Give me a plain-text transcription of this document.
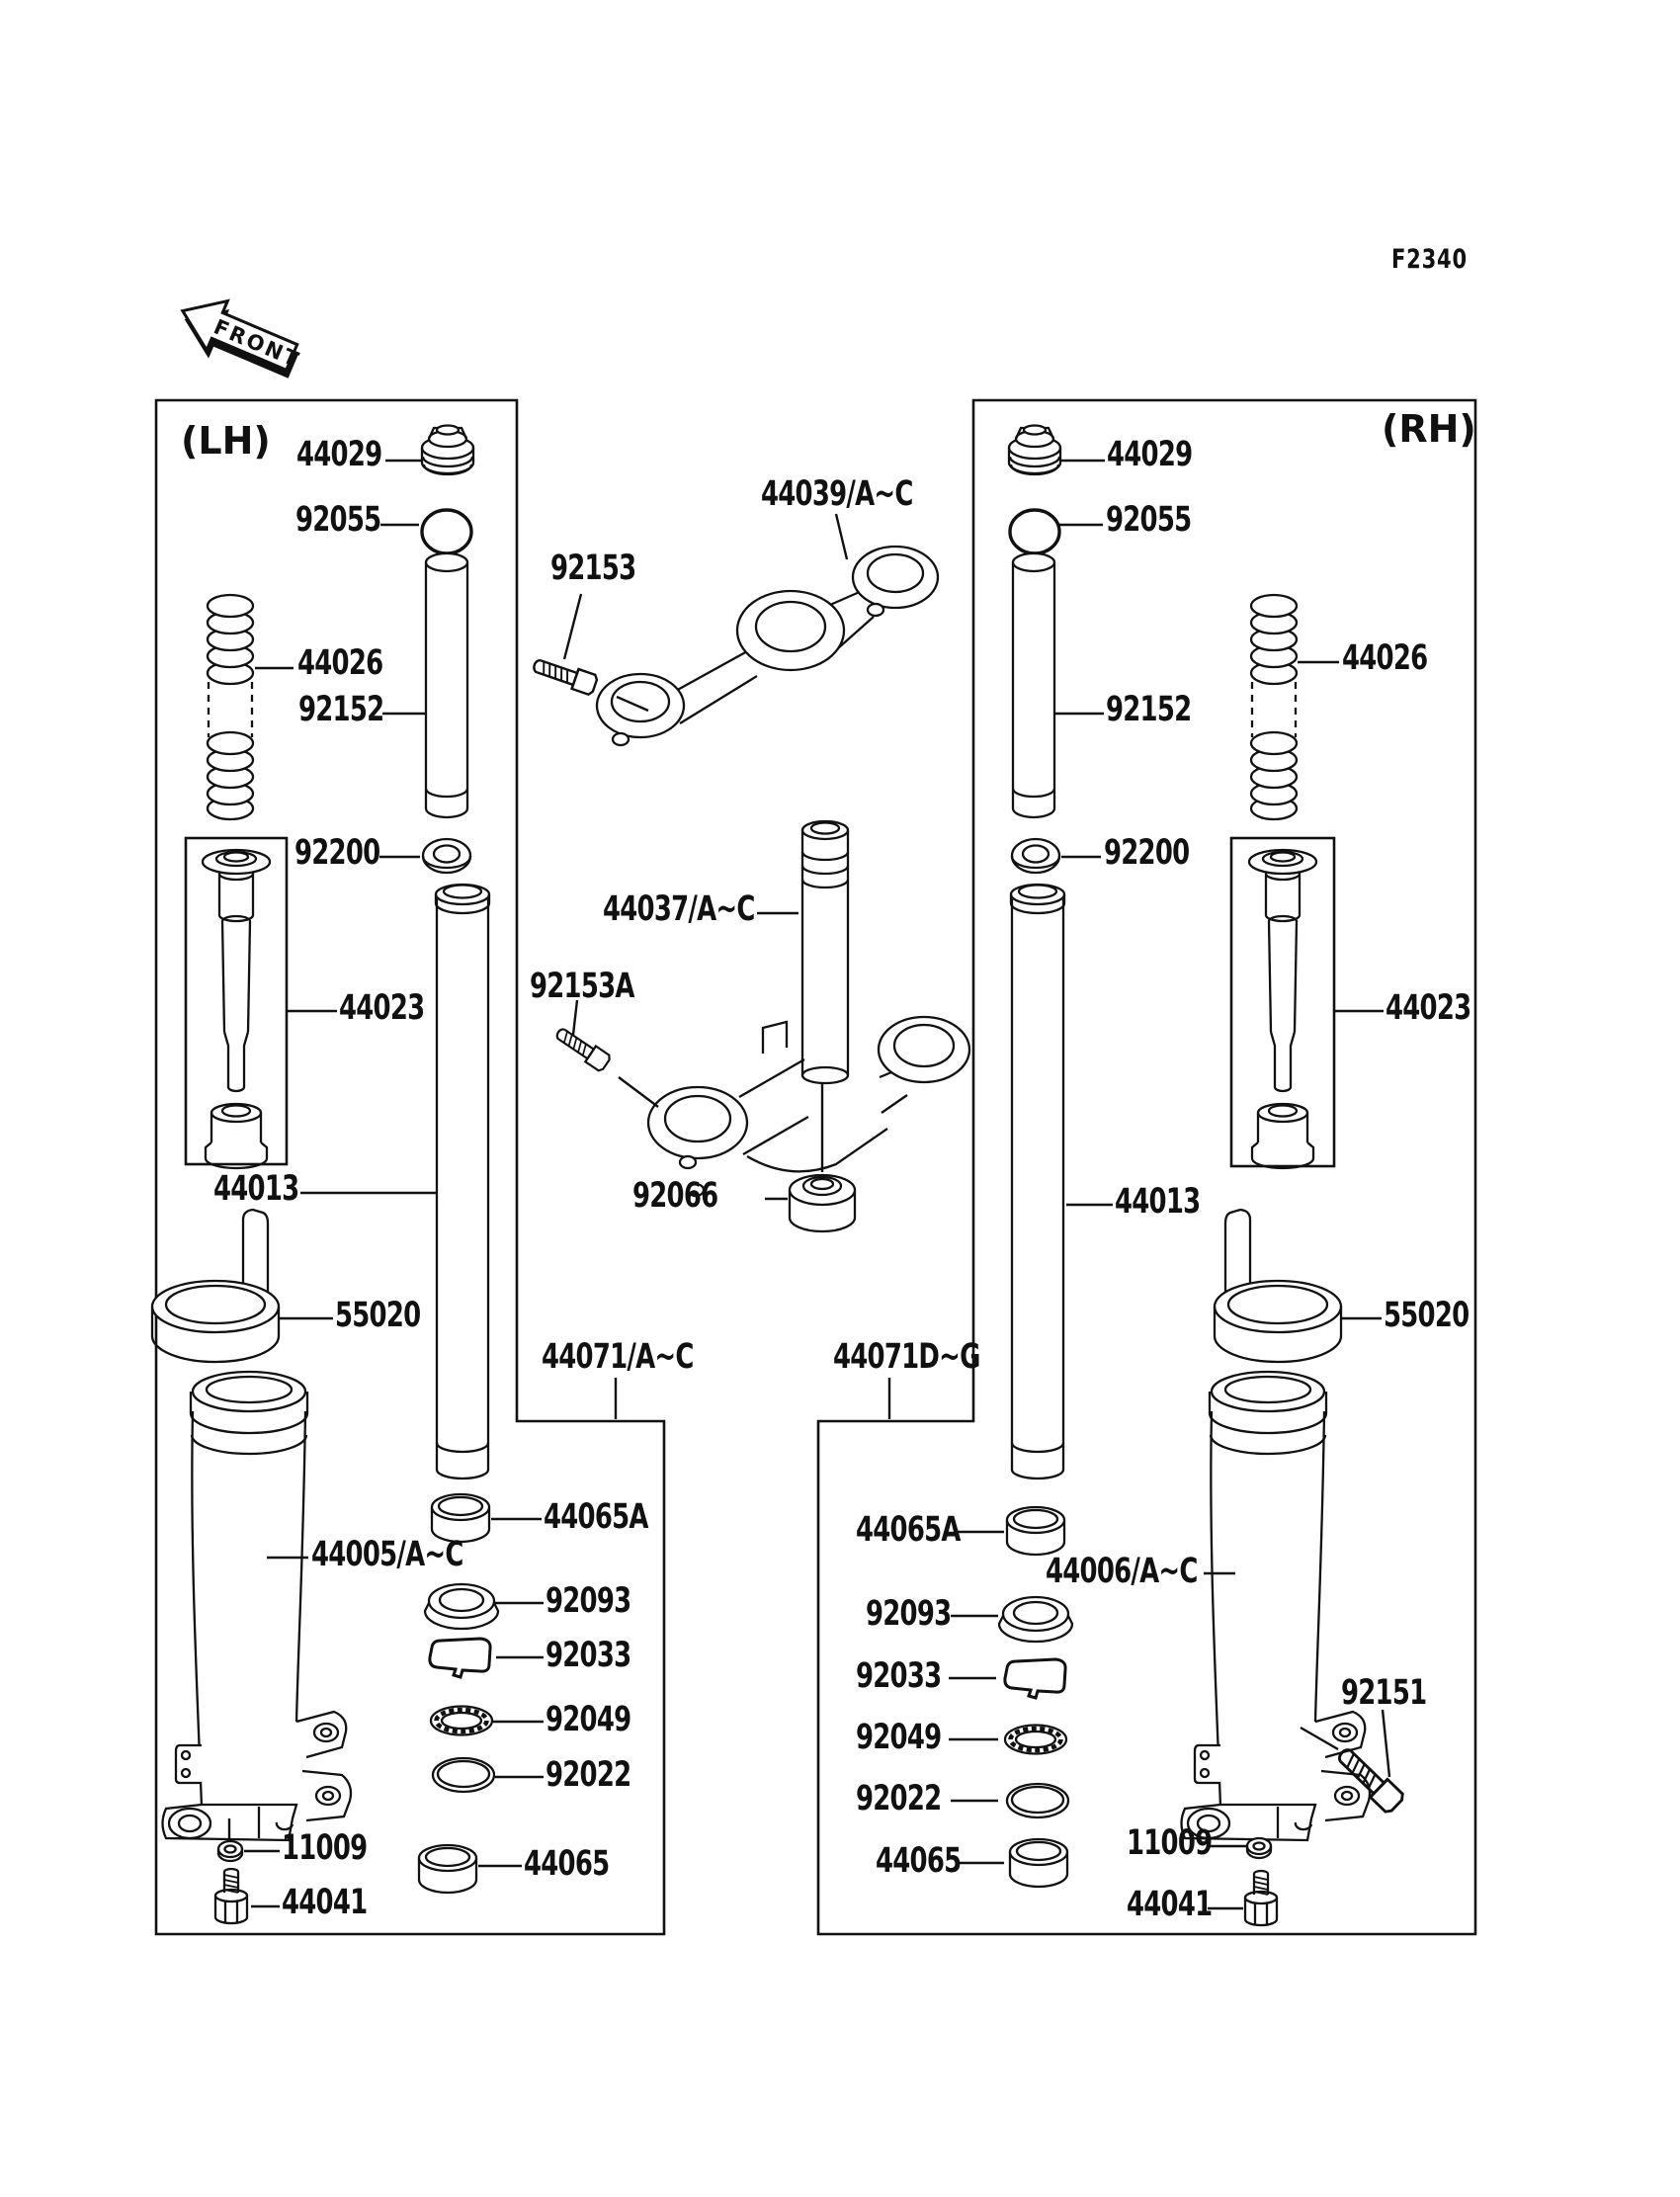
FRONT
F2340
(LH)	(RH)
44029
92055
44026
92152
92200
44023
44013
55020
44005/A~C
44065A
92093
92033
92049
92022
44065
11009
44041
44039/A~C
92153
44037/A~C
92153A
92066
44071/A~C	44071D~G
44029
92055
92152
44026
92200
44023
44013
55020
44065A
44006/A~C
92093
92033
92049
92022
44065
92151
11009
44041
